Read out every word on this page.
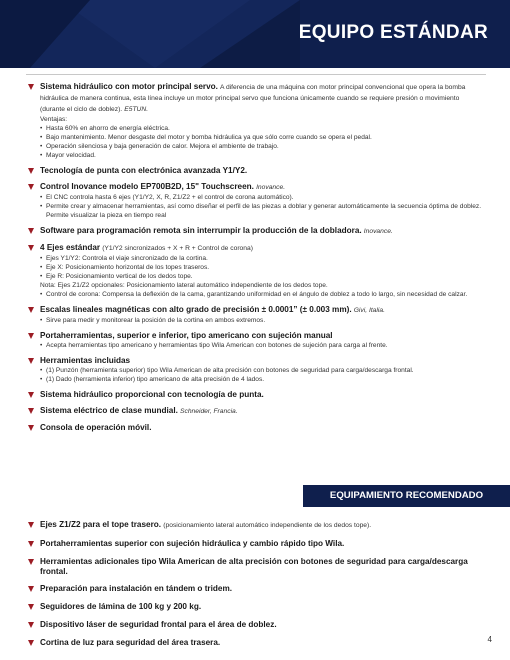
EQUIPO ESTÁNDAR
Sistema hidráulico con motor principal servo. A diferencia de una máquina con motor principal convencional que opera la bomba hidráulica de manera continua, esta línea incluye un motor principal servo que funciona únicamente cuando se requiere presión o movimiento (durante el ciclo de doblez). E5TUN.
Ventajas:
• Hasta 60% en ahorro de energía eléctrica.
• Bajo mantenimiento. Menor desgaste del motor y bomba hidráulica ya que sólo corre cuando se opera el pedal.
• Operación silenciosa y baja generación de calor. Mejora el ambiente de trabajo.
• Mayor velocidad.
Tecnología de punta con electrónica avanzada Y1/Y2.
Control Inovance modelo EP700B2D, 15" Touchscreen. Inovance.
• El CNC controla hasta 6 ejes (Y1/Y2, X, R, Z1/Z2 + el control de corona automático).
• Permite crear y almacenar herramientas, así como diseñar el perfil de las piezas a doblar y generar automáticamente la secuencia óptima de doblez. Permite visualizar la pieza en tiempo real
Software para programación remota sin interrumpir la producción de la dobladora. Inovance.
4 Ejes estándar (Y1/Y2 sincronizados + X + R + Control de corona)
• Ejes Y1/Y2: Controla el viaje sincronizado de la cortina.
• Eje X: Posicionamiento horizontal de los topes traseros.
• Eje R: Posicionamiento vertical de los dedos tope.
Nota: Ejes Z1/Z2 opcionales: Posicionamiento lateral automático independiente de los dedos tope.
• Control de corona: Compensa la deflexión de la cama, garantizando uniformidad en el ángulo de doblez a todo lo largo, sin necesidad de calzar.
Escalas lineales magnéticas con alto grado de precisión ± 0.0001” (± 0.003 mm). Givi, Italia.
• Sirve para medir y monitorear la posición de la cortina en ambos extremos.
Portaherramientas, superior e inferior, tipo americano con sujeción manual
• Acepta herramientas tipo americano y herramientas tipo Wila American con botones de sujeción para carga al frente.
Herramientas incluidas
• (1) Punzón (herramienta superior) tipo Wila American de alta precisión con botones de seguridad para carga/descarga frontal.
• (1) Dado (herramienta inferior) tipo americano de alta precisión de 4 lados.
Sistema hidráulico proporcional con tecnología de punta.
Sistema eléctrico de clase mundial. Schneider, Francia.
Consola de operación móvil.
EQUIPAMIENTO RECOMENDADO
Ejes Z1/Z2 para el tope trasero. (posicionamiento lateral automático independiente de los dedos tope).
Portaherramientas superior con sujeción hidráulica y cambio rápido tipo Wila.
Herramientas adicionales tipo Wila American de alta precisión con botones de seguridad para carga/descarga frontal.
Preparación para instalación en tándem o tridem.
Seguidores de lámina de 100 kg y 200 kg.
Dispositivo láser de seguridad frontal para el área de doblez.
Cortina de luz para seguridad del área trasera.	4
